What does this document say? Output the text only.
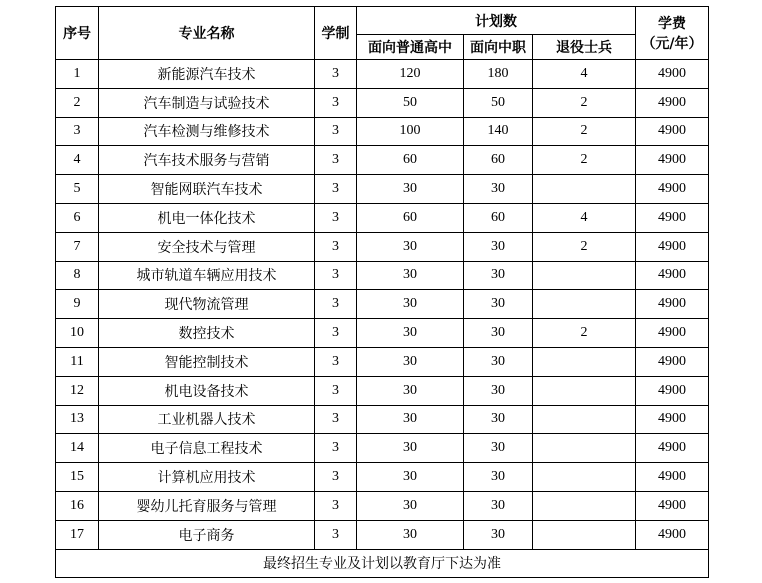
序号	专业名称	学制	计划数			学费
（元/年）

			面向普通高中	面向中职	退役士兵	
1	新能源汽车技术	3	120	180	4	4900
2	汽车制造与试验技术	3	50	50	2	4900
3	汽车检测与维修技术	3	100	140	2	4900
4	汽车技术服务与营销	3	60	60	2	4900
5	智能网联汽车技术	3	30	30		4900
6	机电一体化技术	3	60	60	4	4900
7	安全技术与管理	3	30	30	2	4900
8	城市轨道车辆应用技术	3	30	30		4900
9	现代物流管理	3	30	30		4900
10	数控技术	3	30	30	2	4900
11	智能控制技术	3	30	30		4900
12	机电设备技术	3	30	30		4900
13	工业机器人技术	3	30	30		4900
14	电子信息工程技术	3	30	30		4900
15	计算机应用技术	3	30	30		4900
16	婴幼儿托育服务与管理	3	30	30		4900
17	电子商务	3	30	30		4900
最终招生专业及计划以教育厅下达为准						
